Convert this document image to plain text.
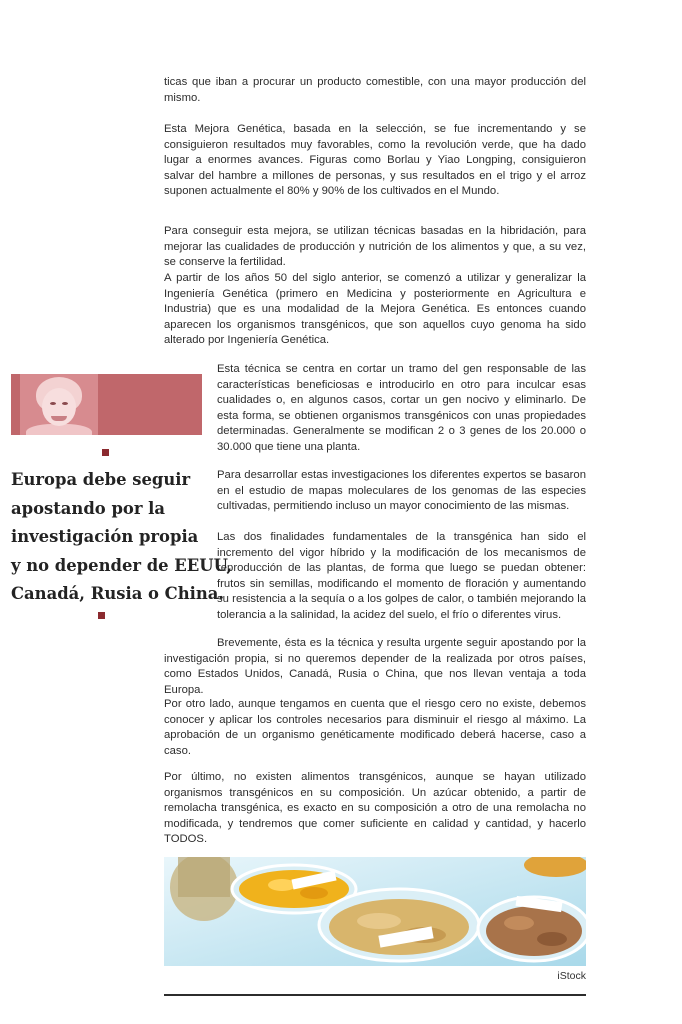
ticas que iban a procurar un producto comestible, con una mayor producción del mismo.

Esta Mejora Genética, basada en la selección, se fue incrementando y se consiguieron resultados muy favorables, como la revolución verde, que ha dado lugar a enormes avances. Figuras como Borlau y Yiao Longping, consiguieron salvar del hambre a millones de personas, y sus resultados en el trigo y el arroz suponen actualmente el 80% y 90% de los cultivados en el Mundo.

Para conseguir esta mejora, se utilizan técnicas basadas en la hibridación, para mejorar las cualidades de producción y nutrición de los alimentos y que, a su vez, se conserve la fertilidad.

A partir de los años 50 del siglo anterior, se comenzó a utilizar y generalizar la Ingeniería Genética (primero en Medicina y posteriormente en Agricultura e Industria) que es una modalidad de la Mejora Genética. Es entonces cuando aparecen los organismos transgénicos, que son aquellos cuyo genoma ha sido alterado por Ingeniería Genética.

Esta técnica se centra en cortar un tramo del gen responsable de las características beneficiosas e introducirlo en otro para inculcar esas cualidades o, en algunos casos, cortar un gen nocivo y eliminarlo. De esta forma, se obtienen organismos transgénicos con unas propiedades determinadas. Generalmente se modifican 2 o 3 genes de los 20.000 o 30.000 que tiene una planta.

Para desarrollar estas investigaciones los diferentes expertos se basaron en el estudio de mapas moleculares de los genomas de las especies cultivadas, permitiendo incluso un mayor conocimiento de las mismas.

Las dos finalidades fundamentales de la transgénica han sido el incremento del vigor híbrido y la modificación de los mecanismos de reproducción de las plantas, de forma que luego se puedan obtener: frutos sin semillas, modificando el momento de floración y aumentando su resistencia a la sequía o a los golpes de calor, o también mejorando la tolerancia a la salinidad, la acidez del suelo, el frío o diferentes virus.

Brevemente, ésta es la técnica y resulta urgente seguir apostando por la investigación propia, si no queremos depender de la realizada por otros países, como Estados Unidos, Canadá, Rusia o China, que nos llevan ventaja a toda Europa.

Por otro lado, aunque tengamos en cuenta que el riesgo cero no existe, debemos conocer y aplicar los controles necesarios para disminuir el riesgo al máximo. La aprobación de un organismo genéticamente modificado deberá hacerse, caso a caso.

Por último, no existen alimentos transgénicos, aunque se hayan utilizado organismos transgénicos en su composición. Un azúcar obtenido, a partir de remolacha transgénica, es exacto en su composición a otro de una remolacha no modificada, y tendremos que comer suficiente en calidad y cantidad, y hacerlo TODOS.

Europa debe seguir
apostando por la
investigación propia
y no depender de EEUU,
Canadá, Rusia o China.
iStock
